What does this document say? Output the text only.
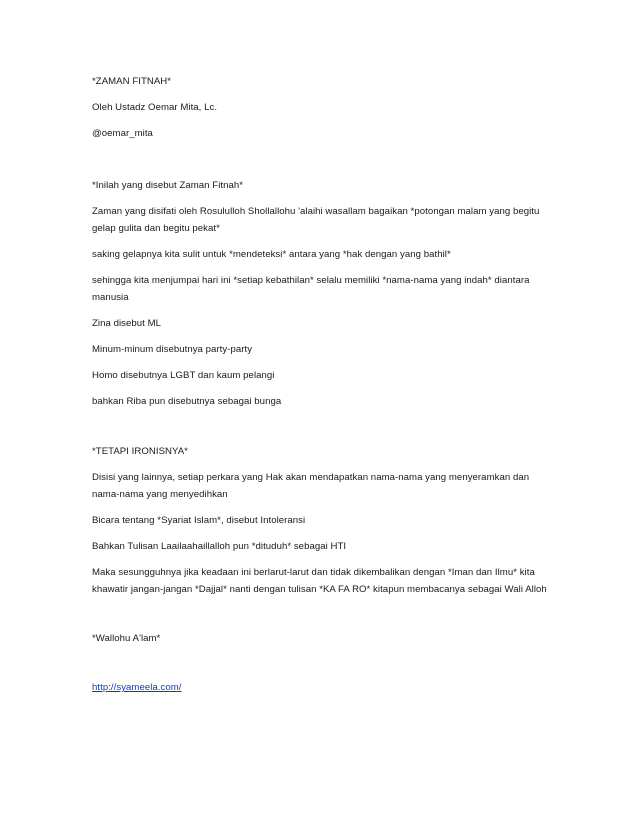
*ZAMAN FITNAH*

Oleh Ustadz Oemar Mita, Lc.

@oemar_mita

*Inilah yang disebut Zaman Fitnah*

Zaman yang disifati oleh Rosululloh Shollallohu 'alaihi wasallam bagaikan *potongan malam yang begitu gelap gulita dan begitu pekat*

saking gelapnya kita sulit untuk *mendeteksi* antara yang *hak dengan yang bathil*

sehingga kita menjumpai hari ini *setiap kebathilan* selalu memiliki *nama-nama yang indah* diantara manusia

Zina disebut ML

Minum-minum disebutnya party-party

Homo disebutnya LGBT dan kaum pelangi

bahkan Riba pun disebutnya sebagai bunga

*TETAPI IRONISNYA*

Disisi yang lainnya, setiap perkara yang Hak akan mendapatkan nama-nama yang menyeramkan dan nama-nama yang menyedihkan

Bicara tentang *Syariat Islam*, disebut Intoleransi

Bahkan Tulisan Laailaahaillalloh pun *dituduh* sebagai HTI

Maka sesungguhnya jika keadaan ini berlarut-larut dan tidak dikembalikan dengan *Iman dan Ilmu* kita khawatir jangan-jangan *Dajjal* nanti dengan tulisan *KA FA RO* kitapun membacanya sebagai Wali Alloh

*Wallohu A'lam*

http://syameela.com/
